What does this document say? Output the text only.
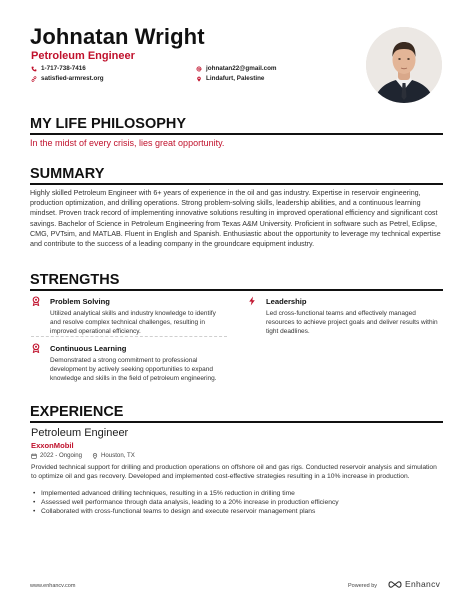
Johnatan Wright
Petroleum Engineer
1-717-738-7416
satisfied-armrest.org
johnatan22@gmail.com
Lindafurt, Palestine
MY LIFE PHILOSOPHY
In the midst of every crisis, lies great opportunity.
SUMMARY
Highly skilled Petroleum Engineer with 6+ years of experience in the oil and gas industry. Expertise in reservoir engineering, production optimization, and drilling operations. Strong problem-solving skills, leadership abilities, and a continuous learning mindset. Proven track record of implementing innovative solutions resulting in improved operational efficiency and significant cost savings. Bachelor of Science in Petroleum Engineering from Texas A&M University. Proficient in software such as Petrel, Eclipse, CMG, PVTsim, and MATLAB. Fluent in English and Spanish. Enthusiastic about the opportunity to leverage my technical expertise and contribute to the success of a leading company in the groundcare equipment industry.
STRENGTHS
Problem Solving
Utilized analytical skills and industry knowledge to identify and resolve complex technical challenges, resulting in improved operational efficiency.
Leadership
Led cross-functional teams and effectively managed resources to achieve project goals and deliver results within tight deadlines.
Continuous Learning
Demonstrated a strong commitment to professional development by actively seeking opportunities to expand knowledge and skills in the field of petroleum engineering.
EXPERIENCE
Petroleum Engineer
ExxonMobil
2022 - Ongoing	Houston, TX
Provided technical support for drilling and production operations on offshore oil and gas rigs. Conducted reservoir analysis and simulation to optimize oil and gas recovery. Developed and implemented cost-effective strategies resulting in a 10% increase in production.
• Implemented advanced drilling techniques, resulting in a 15% reduction in drilling time
• Assessed well performance through data analysis, leading to a 20% increase in production efficiency
• Collaborated with cross-functional teams to design and execute reservoir management plans
www.enhancv.com	Powered by	Enhancv
